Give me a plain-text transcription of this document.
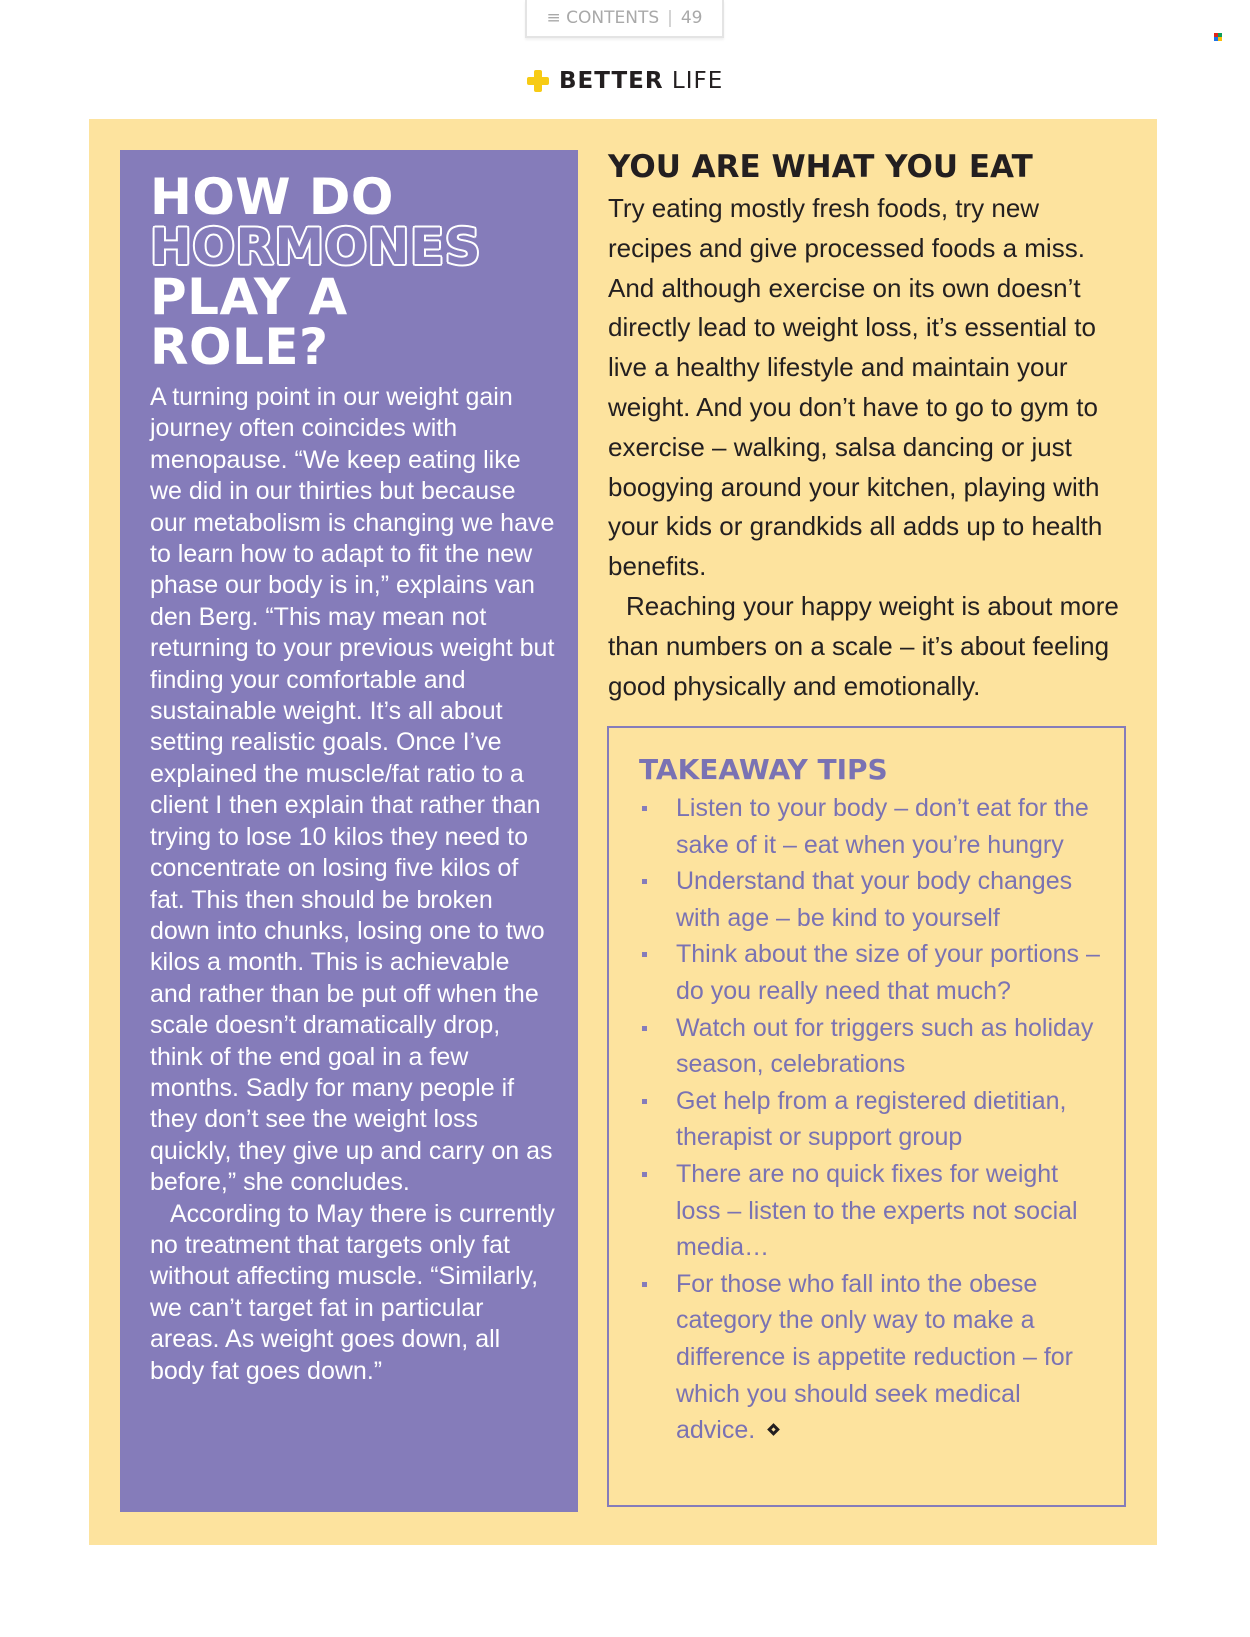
≡ CONTENTS | 49
BETTER LIFE
HOW DO
HORMONES
PLAY A
ROLE?

A turning point in our weight gain journey often coincides with menopause. “We keep eating like we did in our thirties but because our metabolism is changing we have to learn how to adapt to fit the new phase our body is in,” explains van den Berg. “This may mean not returning to your previous weight but finding your comfortable and sustainable weight. It’s all about setting realistic goals. Once I’ve explained the muscle/fat ratio to a client I then explain that rather than trying to lose 10 kilos they need to concentrate on losing five kilos of fat. This then should be broken down into chunks, losing one to two kilos a month. This is achievable and rather than be put off when the scale doesn’t dramatically drop, think of the end goal in a few months. Sadly for many people if they don’t see the weight loss quickly, they give up and carry on as before,” she concludes.

According to May there is currently no treatment that targets only fat without affecting muscle. “Similarly, we can’t target fat in particular areas. As weight goes down, all body fat goes down.”

YOU ARE WHAT YOU EAT

Try eating mostly fresh foods, try new recipes and give processed foods a miss. And although exercise on its own doesn’t directly lead to weight loss, it’s essential to live a healthy lifestyle and maintain your weight. And you don’t have to go to gym to exercise – walking, salsa dancing or just boogying around your kitchen, playing with your kids or grandkids all adds up to health benefits.

Reaching your happy weight is about more than numbers on a scale – it’s about feeling good physically and emotionally.

TAKEAWAY TIPS
Listen to your body – don’t eat for the sake of it – eat when you’re hungry
Understand that your body changes with age – be kind to yourself
Think about the size of your portions – do you really need that much?
Watch out for triggers such as holiday season, celebrations
Get help from a registered dietitian, therapist or support group
There are no quick fixes for weight loss – listen to the experts not social media…
For those who fall into the obese category the only way to make a difference is appetite reduction – for which you should seek medical advice.
